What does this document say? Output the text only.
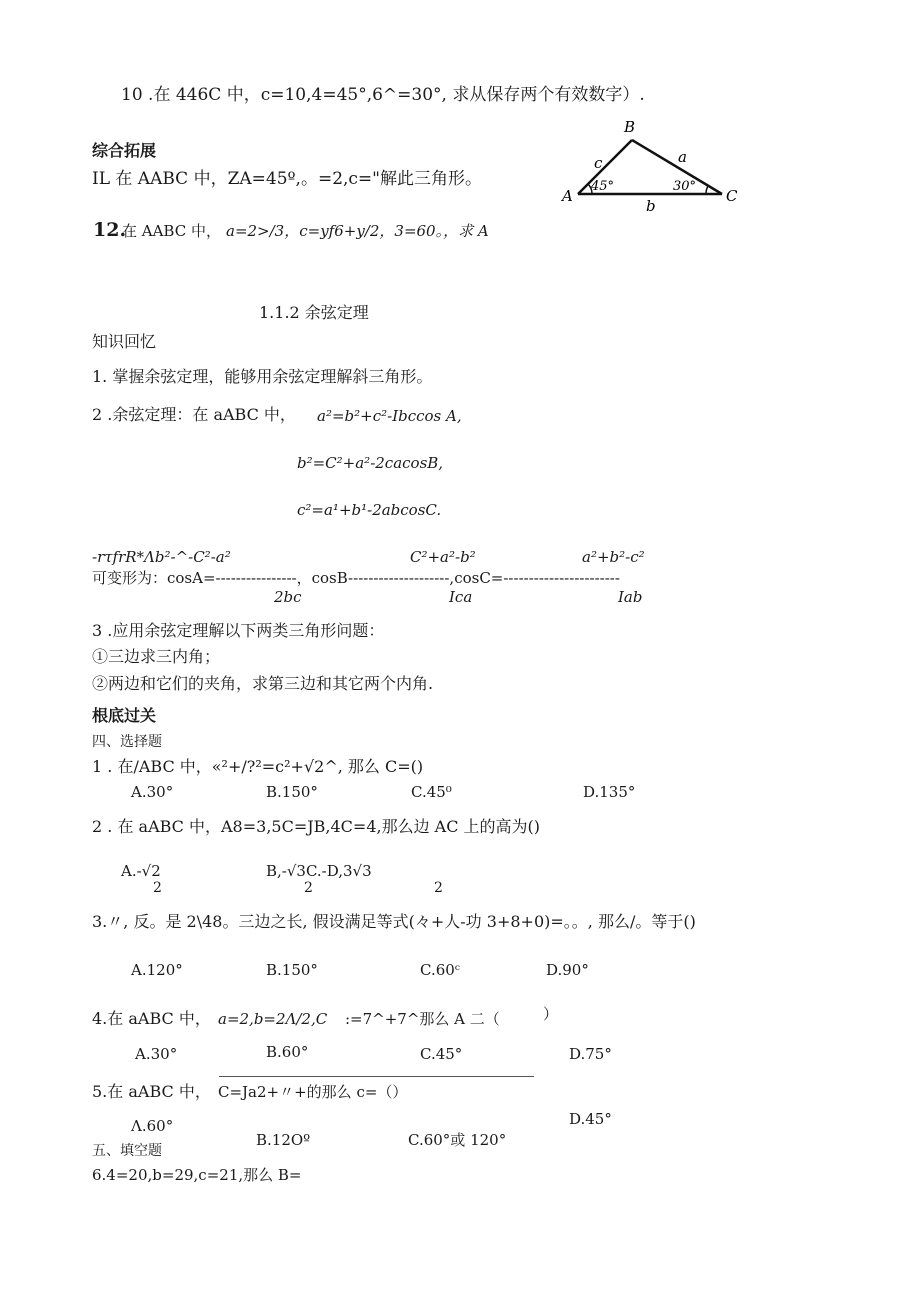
10 .在 446C 中，c=10,4=45°,6^=30°, 求从保存两个有效数字）.
综合拓展
IL 在 AABC 中，ZA=45º,。=2,c="解此三角形。
12.
在 AABC 中， a=2>/3，c=yf6+y/2，3=60。，求 A
B
A	C
c	a
b
45°	30°
1.1.2 余弦定理
知识回忆
1. 掌握余弦定理，能够用余弦定理解斜三角形。
2 .余弦定理：在 aABC 中， a²=b²+c²-Ibccos A,
b²=C²+a²-2cacosB,
c²=a¹+b¹-2abcosC.
-rτfrR*Λb²-^-C²-a²	C²+a²-b²	a²+b²-c²
可变形为：cosA=----------------，cosB--------------------,cosC=-----------------------
2bc	Ica	Iab
3 .应用余弦定理解以下两类三角形问题：
①三边求三内角；
②两边和它们的夹角，求第三边和其它两个内角.
根底过关
四、选择题
1 . 在/ABC 中，«²+/?²=c²+√2^, 那么 C=()
A.30°	B.150°	C.45⁰	D.135°
2 . 在 aABC 中，A8=3,5C=JB,4C=4,那么边 AC 上的高为()
A.-√2	B,-√3C.-D,3√3
2	2	2
3.〃, 反。是 2\48。三边之长, 假设满足等式(々+人-功 3+8+0)=。。, 那么/。等于()
A.120°	B.150°	C.60ᶜ	D.90°
4.在 aABC 中， a=2,b=2Λ/2,C :=7^+7^那么 A 二（	）
A.30°	B.60°	C.45°	D.75°
5.在 aABC 中， C=Ja2+〃+的那么 c=（）
Λ.60°
B.12Oº	C.60°或 120°
D.45°
五、填空题
6.4=20,b=29,c=21,那么 B=
